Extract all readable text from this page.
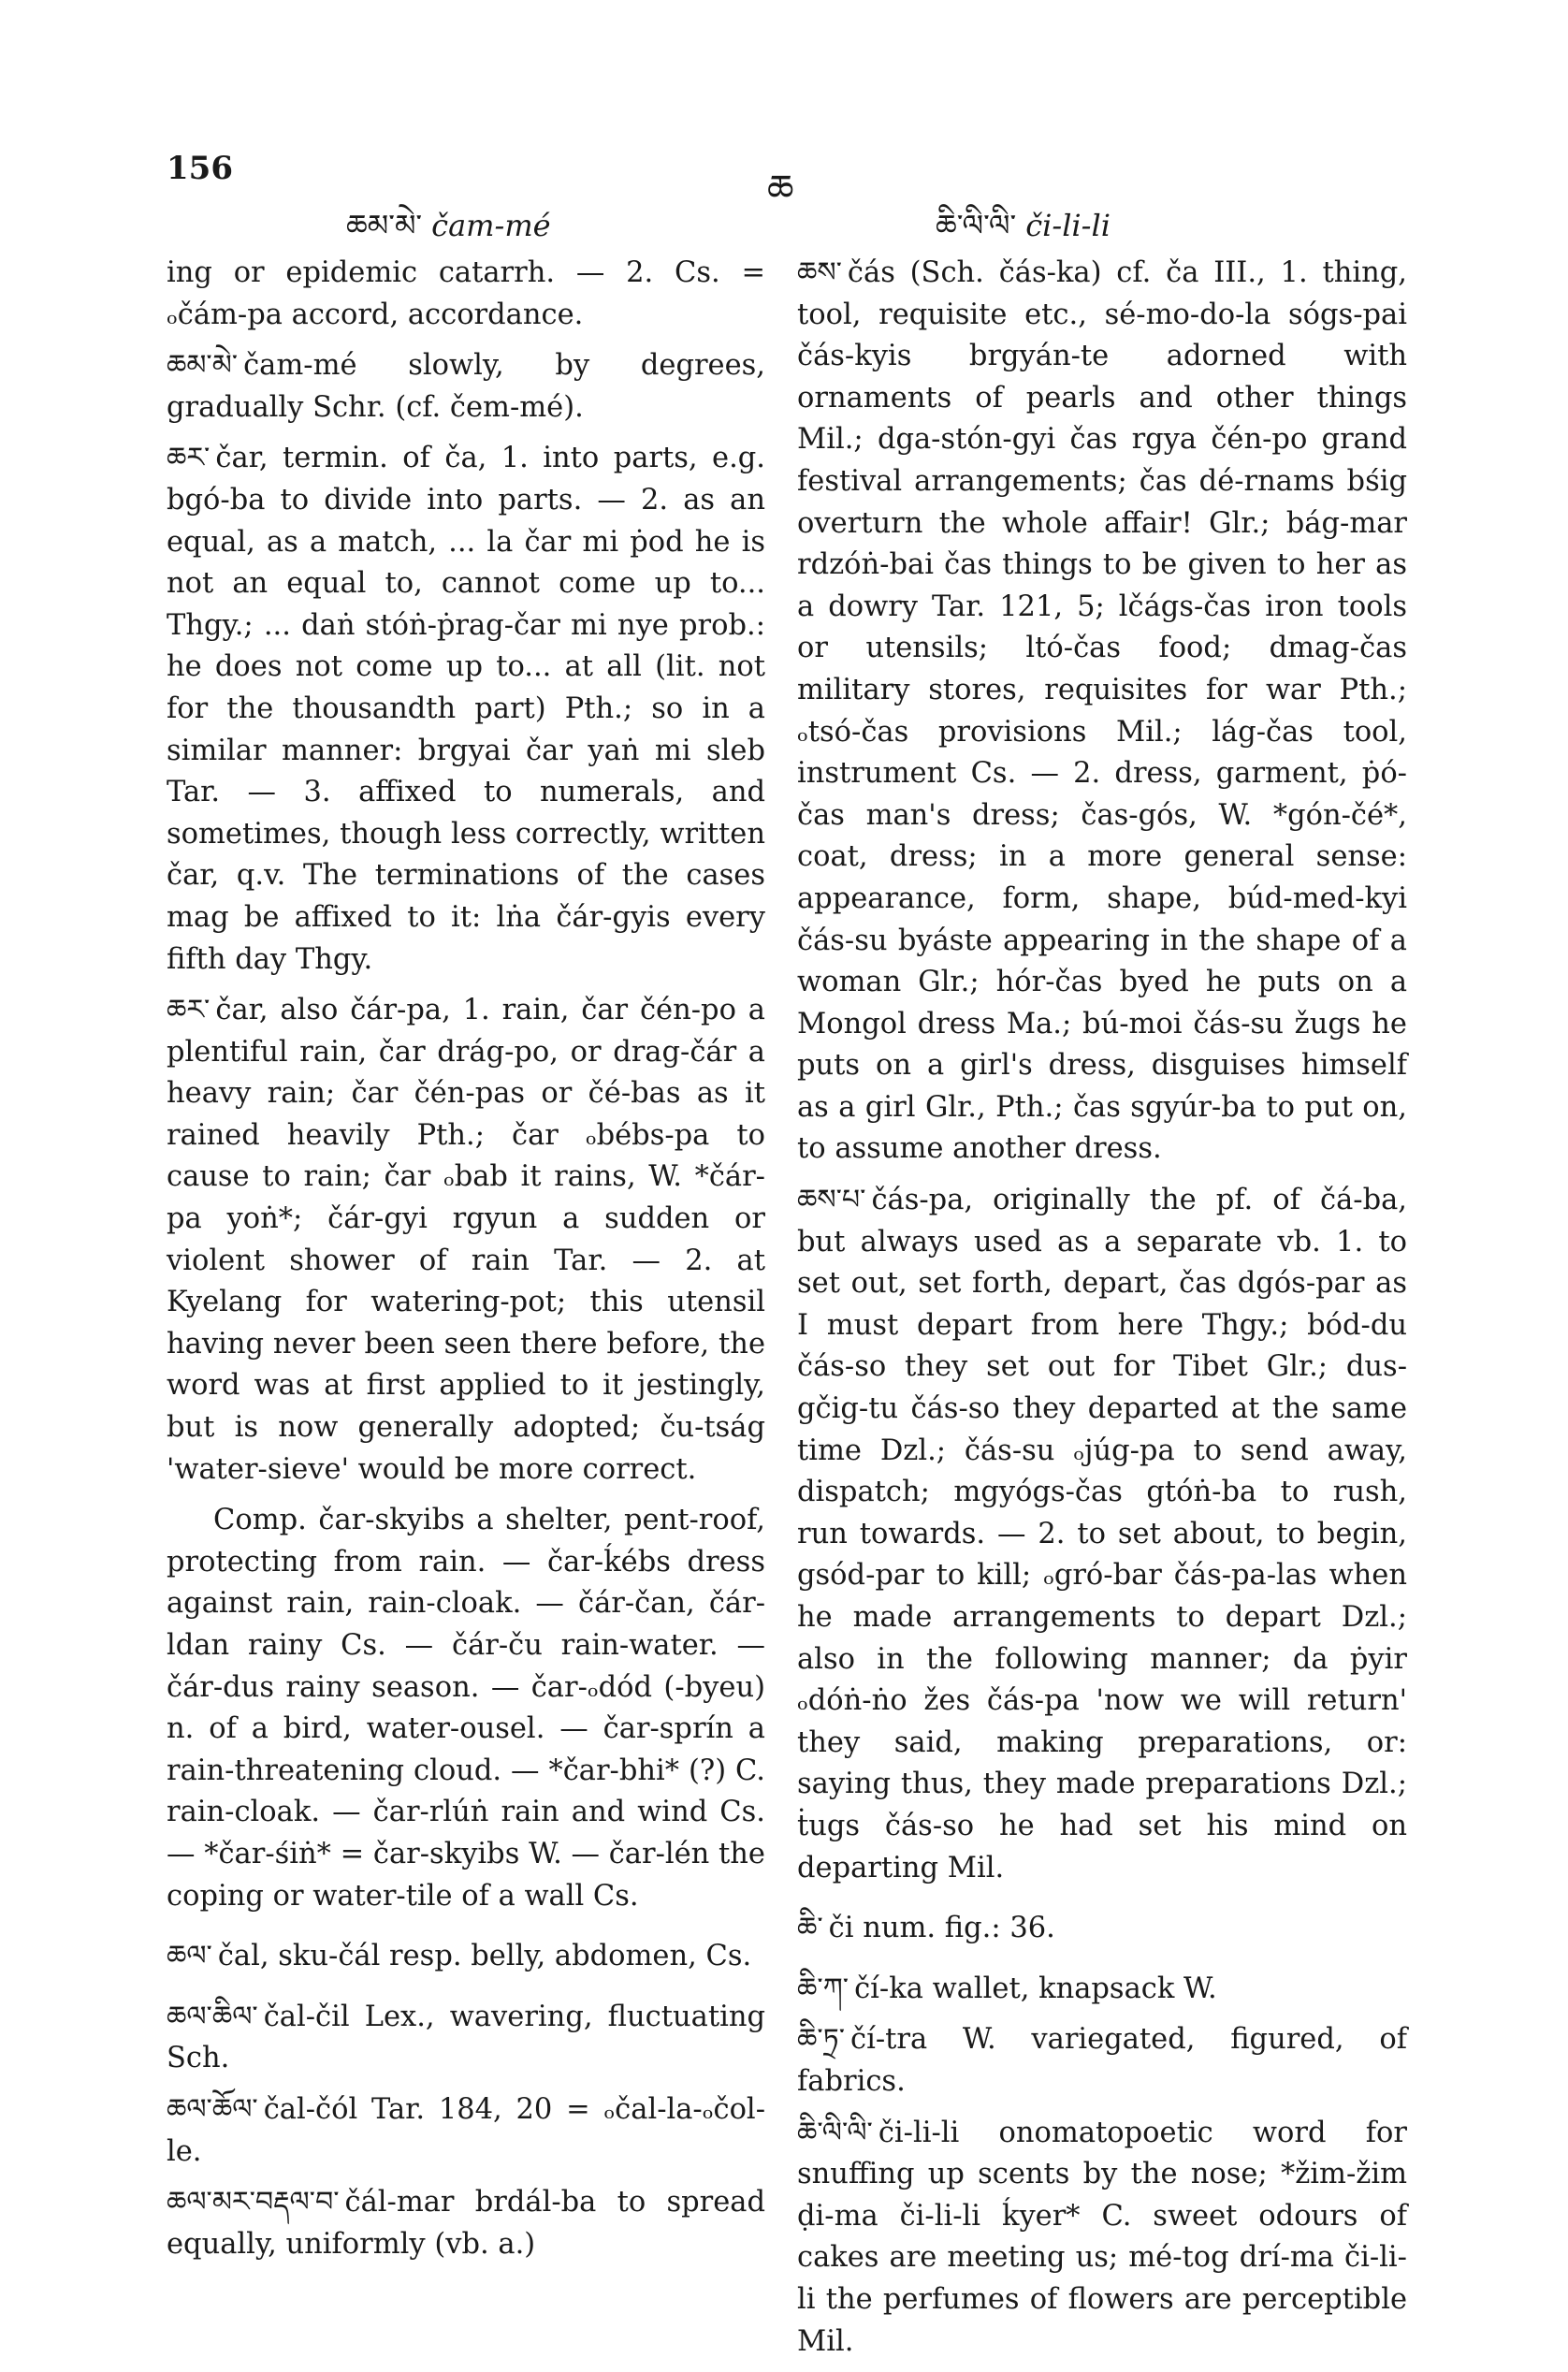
156	ཆ
ཆམ་མེ་ čam-mé	ཆི་ལི་ལི་ či-li-li

ing or epidemic catarrh. — 2. Cs. = ₒčám-pa accord, accordance.

ཆམ་མེ་ čam-mé slowly, by degrees, gradually Schr. (cf. čem-mé).

ཆར་ čar, termin. of ča, 1. into parts, e.g. bgó-ba to divide into parts. — 2. as an equal, as a match, ... la čar mi ṗod he is not an equal to, cannot come up to... Thgy.; ... daṅ stóṅ-ṗrag-čar mi nye prob.: he does not come up to... at all (lit. not for the thousandth part) Pth.; so in a similar manner: brgyai čar yaṅ mi sleb Tar. — 3. affixed to numerals, and sometimes, though less correctly, written čar, q.v. The terminations of the cases mag be affixed to it: lṅa čár-gyis every fifth day Thgy.

ཆར་ čar, also čár-pa, 1. rain, čar čén-po a plentiful rain, čar drág-po, or drag-čár a heavy rain; čar čén-pas or čé-bas as it rained heavily Pth.; čar ₒbébs-pa to cause to rain; čar ₒbab it rains, W. *čár-pa yoṅ*; čár-gyi rgyun a sudden or violent shower of rain Tar. — 2. at Kyelang for watering-pot; this utensil having never been seen there before, the word was at first applied to it jestingly, but is now generally adopted; ču-tság 'water-sieve' would be more correct.

Comp. čar-skyibs a shelter, pent-roof, protecting from rain. — čar-ḱébs dress against rain, rain-cloak. — čár-čan, čár-ldan rainy Cs. — čár-ču rain-water. — čár-dus rainy season. — čar-ₒdód (-byeu) n. of a bird, water-ousel. — čar-sprín a rain-threatening cloud. — *čar-bhi* (?) C. rain-cloak. — čar-rlúṅ rain and wind Cs. — *čar-śiṅ* = čar-skyibs W. — čar-lén the coping or water-tile of a wall Cs.

ཆལ་ čal, sku-čál resp. belly, abdomen, Cs.

ཆལ་ཆིལ་ čal-čil Lex., wavering, fluctuating Sch.

ཆལ་ཆོལ་ čal-čól Tar. 184, 20 = ₒčal-la-ₒčol-le.

ཆལ་མར་བརྡལ་བ་ čál-mar brdál-ba to spread equally, uniformly (vb. a.)

ཆས་ čás (Sch. čás-ka) cf. ča III., 1. thing, tool, requisite etc., sé-mo-do-la sógs-pai čás-kyis brgyán-te adorned with ornaments of pearls and other things Mil.; dga-stón-gyi čas rgya čén-po grand festival arrangements; čas dé-rnams bśig overturn the whole affair! Glr.; bág-mar rdzóṅ-bai čas things to be given to her as a dowry Tar. 121, 5; lčágs-čas iron tools or utensils; ltó-čas food; dmag-čas military stores, requisites for war Pth.; ₒtsó-čas provisions Mil.; lág-čas tool, instrument Cs. — 2. dress, garment, ṗó-čas man's dress; čas-gós, W. *gón-čé*, coat, dress; in a more general sense: appearance, form, shape, búd-med-kyi čás-su byáste appearing in the shape of a woman Glr.; hór-čas byed he puts on a Mongol dress Ma.; bú-moi čás-su žugs he puts on a girl's dress, disguises himself as a girl Glr., Pth.; čas sgyúr-ba to put on, to assume another dress.

ཆས་པ་ čás-pa, originally the pf. of čá-ba, but always used as a separate vb. 1. to set out, set forth, depart, čas dgós-par as I must depart from here Thgy.; bód-du čás-so they set out for Tibet Glr.; dus-gčig-tu čás-so they departed at the same time Dzl.; čás-su ₒjúg-pa to send away, dispatch; mgyógs-čas gtóṅ-ba to rush, run towards. — 2. to set about, to begin, gsód-par to kill; ₒgró-bar čás-pa-las when he made arrangements to depart Dzl.; also in the following manner; da ṗyir ₒdóṅ-ṅo žes čás-pa 'now we will return' they said, making preparations, or: saying thus, they made preparations Dzl.; ṫugs čás-so he had set his mind on departing Mil.

ཆི་ či num. fig.: 36.

ཆི་ཀ་ čí-ka wallet, knapsack W.

ཆི་ཏྲ་ čí-tra W. variegated, figured, of fabrics.

ཆི་ལི་ལི་ či-li-li onomatopoetic word for snuffing up scents by the nose; *žim-žim ḍi-ma či-li-li ḱyer* C. sweet odours of cakes are meeting us; mé-tog drí-ma či-li-li the perfumes of flowers are perceptible Mil.
